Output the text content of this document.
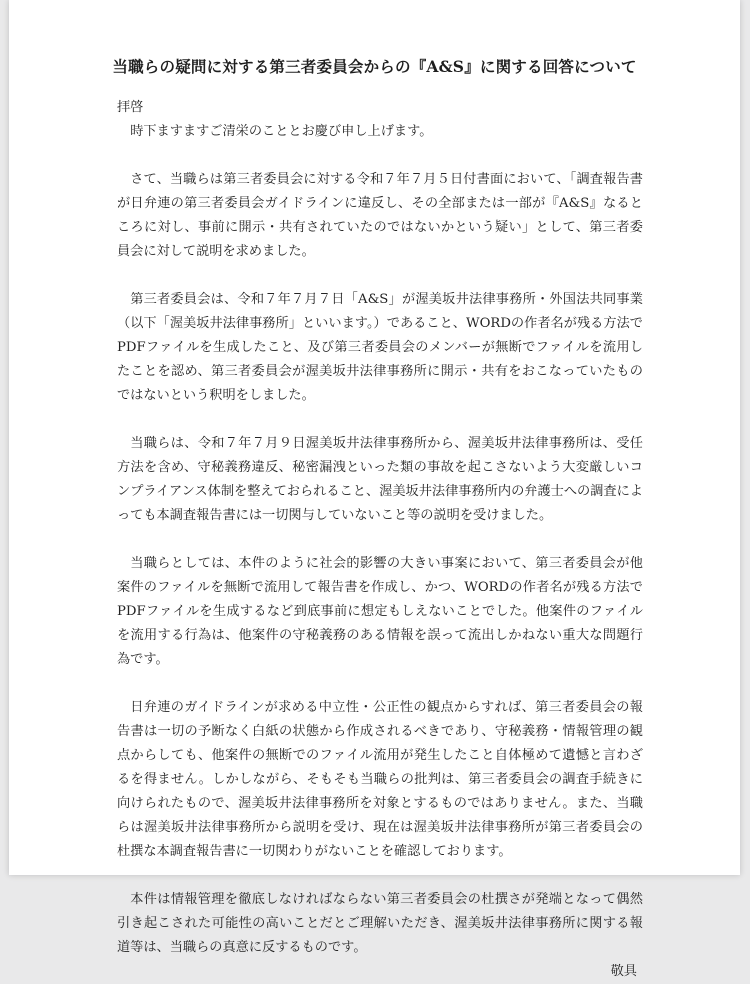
当職らの疑問に対する第三者委員会からの『A&S』に関する回答について

拝啓

時下ますますご清栄のこととお慶び申し上げます。

さて、当職らは第三者委員会に対する令和７年７月５日付書面において、「調査報告書が日弁連の第三者委員会ガイドラインに違反し、その全部または一部が『A&S』なるところに対し、事前に開示・共有されていたのではないかという疑い」として、第三者委員会に対して説明を求めました。

第三者委員会は、令和７年７月７日「A&S」が渥美坂井法律事務所・外国法共同事業（以下「渥美坂井法律事務所」といいます。）であること、WORDの作者名が残る方法でPDFファイルを生成したこと、及び第三者委員会のメンバーが無断でファイルを流用したことを認め、第三者委員会が渥美坂井法律事務所に開示・共有をおこなっていたものではないという釈明をしました。

当職らは、令和７年７月９日渥美坂井法律事務所から、渥美坂井法律事務所は、受任方法を含め、守秘義務違反、秘密漏洩といった類の事故を起こさないよう大変厳しいコンプライアンス体制を整えておられること、渥美坂井法律事務所内の弁護士への調査によっても本調査報告書には一切関与していないこと等の説明を受けました。

当職らとしては、本件のように社会的影響の大きい事案において、第三者委員会が他案件のファイルを無断で流用して報告書を作成し、かつ、WORDの作者名が残る方法でPDFファイルを生成するなど到底事前に想定もしえないことでした。他案件のファイルを流用する行為は、他案件の守秘義務のある情報を誤って流出しかねない重大な問題行為です。

日弁連のガイドラインが求める中立性・公正性の観点からすれば、第三者委員会の報告書は一切の予断なく白紙の状態から作成されるべきであり、守秘義務・情報管理の観点からしても、他案件の無断でのファイル流用が発生したこと自体極めて遺憾と言わざるを得ません。しかしながら、そもそも当職らの批判は、第三者委員会の調査手続きに向けられたもので、渥美坂井法律事務所を対象とするものではありません。また、当職らは渥美坂井法律事務所から説明を受け、現在は渥美坂井法律事務所が第三者委員会の杜撰な本調査報告書に一切関わりがないことを確認しております。

本件は情報管理を徹底しなければならない第三者委員会の杜撰さが発端となって偶然引き起こされた可能性の高いことだとご理解いただき、渥美坂井法律事務所に関する報道等は、当職らの真意に反するものです。

敬具
